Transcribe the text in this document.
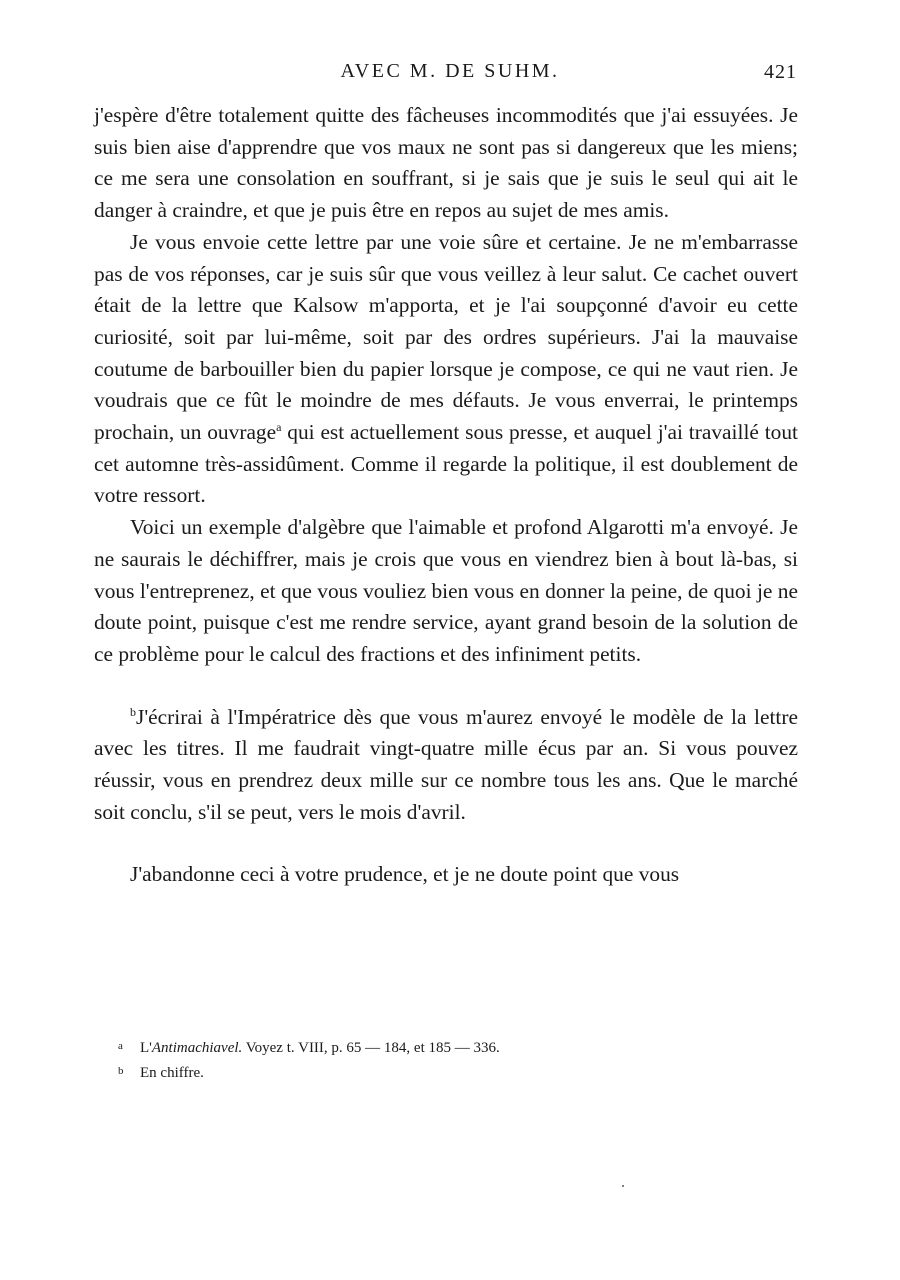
AVEC M. DE SUHM.	421

j'espère d'être totalement quitte des fâcheuses incommodités que j'ai essuyées. Je suis bien aise d'apprendre que vos maux ne sont pas si dangereux que les miens; ce me sera une consolation en souffrant, si je sais que je suis le seul qui ait le danger à craindre, et que je puis être en repos au sujet de mes amis.

Je vous envoie cette lettre par une voie sûre et certaine. Je ne m'embarrasse pas de vos réponses, car je suis sûr que vous veillez à leur salut. Ce cachet ouvert était de la lettre que Kalsow m'apporta, et je l'ai soupçonné d'avoir eu cette curiosité, soit par lui-même, soit par des ordres supérieurs. J'ai la mauvaise coutume de barbouiller bien du papier lorsque je compose, ce qui ne vaut rien. Je voudrais que ce fût le moindre de mes défauts. Je vous enverrai, le printemps prochain, un ouvrage$^a$ qui est actuellement sous presse, et auquel j'ai travaillé tout cet automne très-assidûment. Comme il regarde la politique, il est doublement de votre ressort.

Voici un exemple d'algèbre que l'aimable et profond Algarotti m'a envoyé. Je ne saurais le déchiffrer, mais je crois que vous en viendrez bien à bout là-bas, si vous l'entreprenez, et que vous vouliez bien vous en donner la peine, de quoi je ne doute point, puisque c'est me rendre service, ayant grand besoin de la solution de ce problème pour le calcul des fractions et des infiniment petits.

$^b$J'écrirai à l'Impératrice dès que vous m'aurez envoyé le modèle de la lettre avec les titres. Il me faudrait vingt-quatre mille écus par an. Si vous pouvez réussir, vous en prendrez deux mille sur ce nombre tous les ans. Que le marché soit conclu, s'il se peut, vers le mois d'avril.

J'abandonne ceci à votre prudence, et je ne doute point que vous

a	L'Antimachiavel. Voyez t. VIII, p. 65 — 184, et 185 — 336.
b	En chiffre.
